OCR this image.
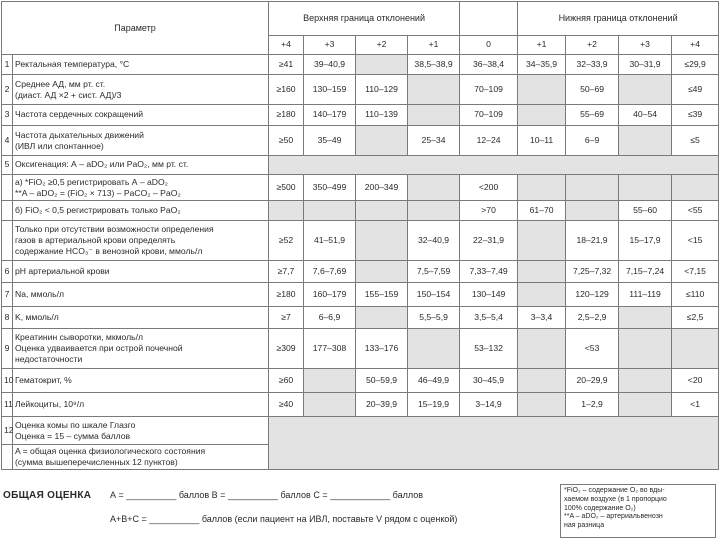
Параметр		Верхняя граница отклонений					Нижняя граница отклонений			
		+4	+3	+2	+1	0	+1	+2	+3	+4
1	Ректальная температура, °С	≥41	39–40,9		38,5–38,9	36–38,4	34–35,9	32–33,9	30–31,9	≤29,9
2	Среднее АД, мм рт. ст.
(диаст. АД ×2 + сист. АД)/3	≥160	130–159	110–129		70–109		50–69		≤49
3	Частота сердечных сокращений	≥180	140–179	110–139		70–109		55–69	40–54	≤39
4	Частота дыхательных движений
(ИВЛ или спонтанное)	≥50	35–49		25–34	12–24	10–11	6–9		≤5
5	Оксигенация: А – aDO₂ или PaO₂, мм рт. ст.									

	а) *FiO₂ ≥0,5 регистрировать А – aDO₂
**A – aDO₂ = (FiO₂ × 713) – PaCO₂ – PaO₂	≥500	350–499	200–349		<200				
	б) FiO₂ < 0,5 регистрировать только PaO₂					>70	61–70		55–60	<55

	Только при отсутствии возможности определения
газов в артериальной крови определять
содержание HCO₃⁻ в венозной крови, ммоль/л	≥52	41–51,9		32–40,9	22–31,9		18–21,9	15–17,9	<15
6	pH артериальной крови	≥7,7	7,6–7,69		7,5–7,59	7,33–7,49		7,25–7,32	7,15–7,24	<7,15
7	Na, ммоль/л	≥180	160–179	155–159	150–154	130–149		120–129	111–119	≤110
8	K, ммоль/л	≥7	6–6,9		5,5–5,9	3,5–5,4	3–3,4	2,5–2,9		≤2,5
9	Креатинин сыворотки, мкмоль/л
Оценка удваивается при острой почечной
недостаточности	≥309	177–308	133–176		53–132		<53		
10	Гематокрит, %	≥60		50–59,9	46–49,9	30–45,9		20–29,9		<20
11	Лейкоциты, 10⁹/л	≥40		20–39,9	15–19,9	3–14,9		1–2,9		<1
12	Оценка комы по шкале Глазго
Оценка = 15 – сумма баллов									

	A = общая оценка физиологического состояния
(сумма вышеперечисленных 12 пунктов)									
ОБЩАЯ ОЦЕНКА А = __________ баллов В = __________ баллов С = ____________ баллов
А+В+С = __________ баллов (если пациент на ИВЛ, поставьте V рядом с оценкой)
*FiO₂ – содержание O₂ во вды-
хаемом воздухе (в 1 пропорцио
100% содержание O₂)
**A – aDO₂ – артериальвенозн
ная разница
